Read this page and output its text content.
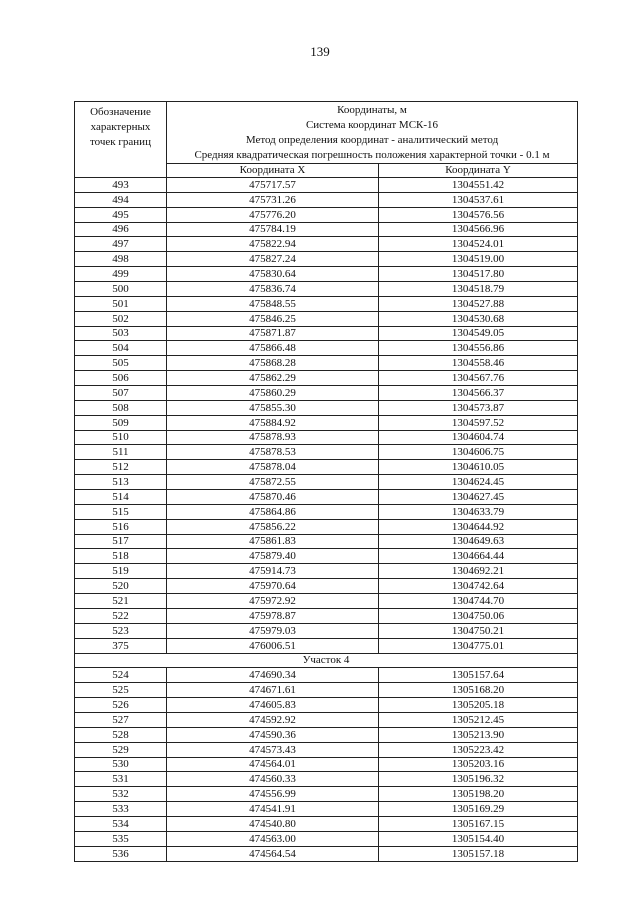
139
Обозначение характерных точек границ	Координаты, м
Система координат МСК-16
Метод определения координат - аналитический метод
Средняя квадратическая погрешность положения характерной точки - 0.1 м	

	Координата X	Координата Y
493	475717.57	1304551.42
494	475731.26	1304537.61
495	475776.20	1304576.56
496	475784.19	1304566.96
497	475822.94	1304524.01
498	475827.24	1304519.00
499	475830.64	1304517.80
500	475836.74	1304518.79
501	475848.55	1304527.88
502	475846.25	1304530.68
503	475871.87	1304549.05
504	475866.48	1304556.86
505	475868.28	1304558.46
506	475862.29	1304567.76
507	475860.29	1304566.37
508	475855.30	1304573.87
509	475884.92	1304597.52
510	475878.93	1304604.74
511	475878.53	1304606.75
512	475878.04	1304610.05
513	475872.55	1304624.45
514	475870.46	1304627.45
515	475864.86	1304633.79
516	475856.22	1304644.92
517	475861.83	1304649.63
518	475879.40	1304664.44
519	475914.73	1304692.21
520	475970.64	1304742.64
521	475972.92	1304744.70
522	475978.87	1304750.06
523	475979.03	1304750.21
375	476006.51	1304775.01
Участок 4		
524	474690.34	1305157.64
525	474671.61	1305168.20
526	474605.83	1305205.18
527	474592.92	1305212.45
528	474590.36	1305213.90
529	474573.43	1305223.42
530	474564.01	1305203.16
531	474560.33	1305196.32
532	474556.99	1305198.20
533	474541.91	1305169.29
534	474540.80	1305167.15
535	474563.00	1305154.40
536	474564.54	1305157.18
